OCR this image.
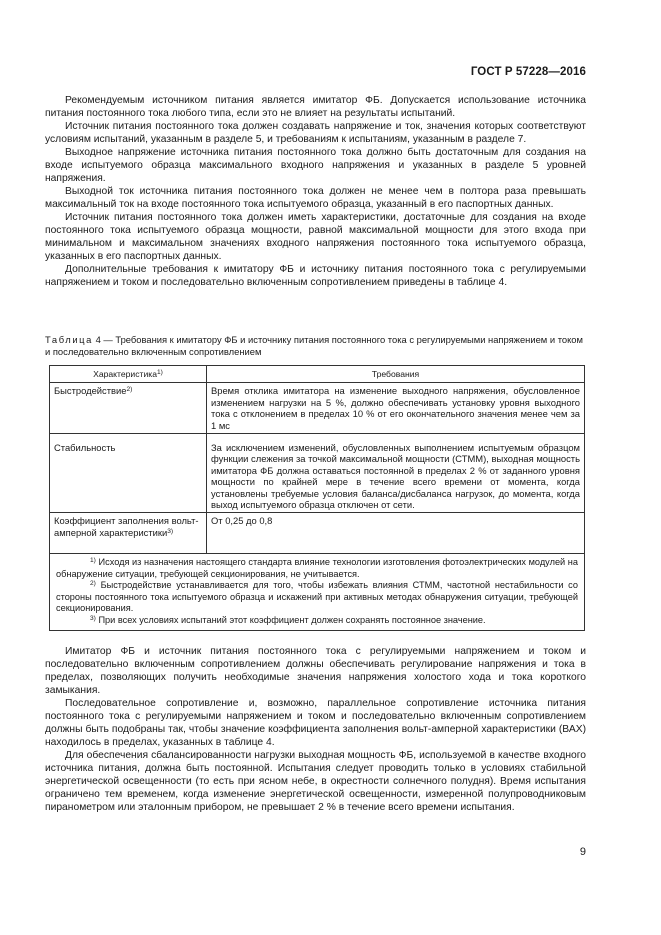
ГОСТ Р 57228—2016

Рекомендуемым источником питания является имитатор ФБ. Допускается использование источника питания постоянного тока любого типа, если это не влияет на результаты испытаний.

Источник питания постоянного тока должен создавать напряжение и ток, значения которых соответствуют условиям испытаний, указанным в разделе 5, и требованиям к испытаниям, указанным в разделе 7.

Выходное напряжение источника питания постоянного тока должно быть достаточным для создания на входе испытуемого образца максимального входного напряжения и указанных в разделе 5 уровней напряжения.

Выходной ток источника питания постоянного тока должен не менее чем в полтора раза превышать максимальный ток на входе постоянного тока испытуемого образца, указанный в его паспортных данных.

Источник питания постоянного тока должен иметь характеристики, достаточные для создания на входе постоянного тока испытуемого образца мощности, равной максимальной мощности для этого входа при минимальном и максимальном значениях входного напряжения постоянного тока испытуемого образца, указанных в его паспортных данных.

Дополнительные требования к имитатору ФБ и источнику питания постоянного тока с регулируемыми напряжением и током и последовательно включенным сопротивлением приведены в таблице 4.

Таблица 4 — Требования к имитатору ФБ и источнику питания постоянного тока с регулируемыми напряжением и током и последовательно включенным сопротивлением

Характеристика$^{1)}$	Требования
Быстродействие$^{2)}$	Время отклика имитатора на изменение выходного напряжения, обусловленное изменением нагрузки на 5 %, должно обеспечивать установку уровня выходного тока с отклонением в пределах 10 % от его окончательного значения менее чем за 1 мс
Стабильность	За исключением изменений, обусловленных выполнением испытуемым образцом функции слежения за точкой максимальной мощности (СТММ), выходная мощность имитатора ФБ должна оставаться постоянной в пределах 2 % от заданного уровня мощности по крайней мере в течение всего времени от момента, когда установлены требуемые условия баланса/дисбаланса нагрузок, до момента, когда выход испытуемого образца отключен от сети.
Коэффициент заполнения вольт-амперной характеристики$^{3)}$	От 0,25 до 0,8

$^{1)}$ Исходя из назначения настоящего стандарта влияние технологии изготовления фотоэлектрических модулей на обнаружение ситуации, требующей секционирования, не учитывается.

$^{2)}$ Быстродействие устанавливается для того, чтобы избежать влияния СТММ, частотной нестабильности со стороны постоянного тока испытуемого образца и искажений при активных методах обнаружения ситуации, требующей секционирования.

$^{3)}$ При всех условиях испытаний этот коэффициент должен сохранять постоянное значение.	

Имитатор ФБ и источник питания постоянного тока с регулируемыми напряжением и током и последовательно включенным сопротивлением должны обеспечивать регулирование напряжения и тока в пределах, позволяющих получить необходимые значения напряжения холостого хода и тока короткого замыкания.

Последовательное сопротивление и, возможно, параллельное сопротивление источника питания постоянного тока с регулируемыми напряжением и током и последовательно включенным сопротивлением должны быть подобраны так, чтобы значение коэффициента заполнения вольт-амперной характеристики (ВАХ) находилось в пределах, указанных в таблице 4.

Для обеспечения сбалансированности нагрузки выходная мощность ФБ, используемой в качестве входного источника питания, должна быть постоянной. Испытания следует проводить только в условиях стабильной энергетической освещенности (то есть при ясном небе, в окрестности солнечного полудня). Время испытания ограничено тем временем, когда изменение энергетической освещенности, измеренной полупроводниковым пиранометром или эталонным прибором, не превышает 2 % в течение всего времени испытания.

9
